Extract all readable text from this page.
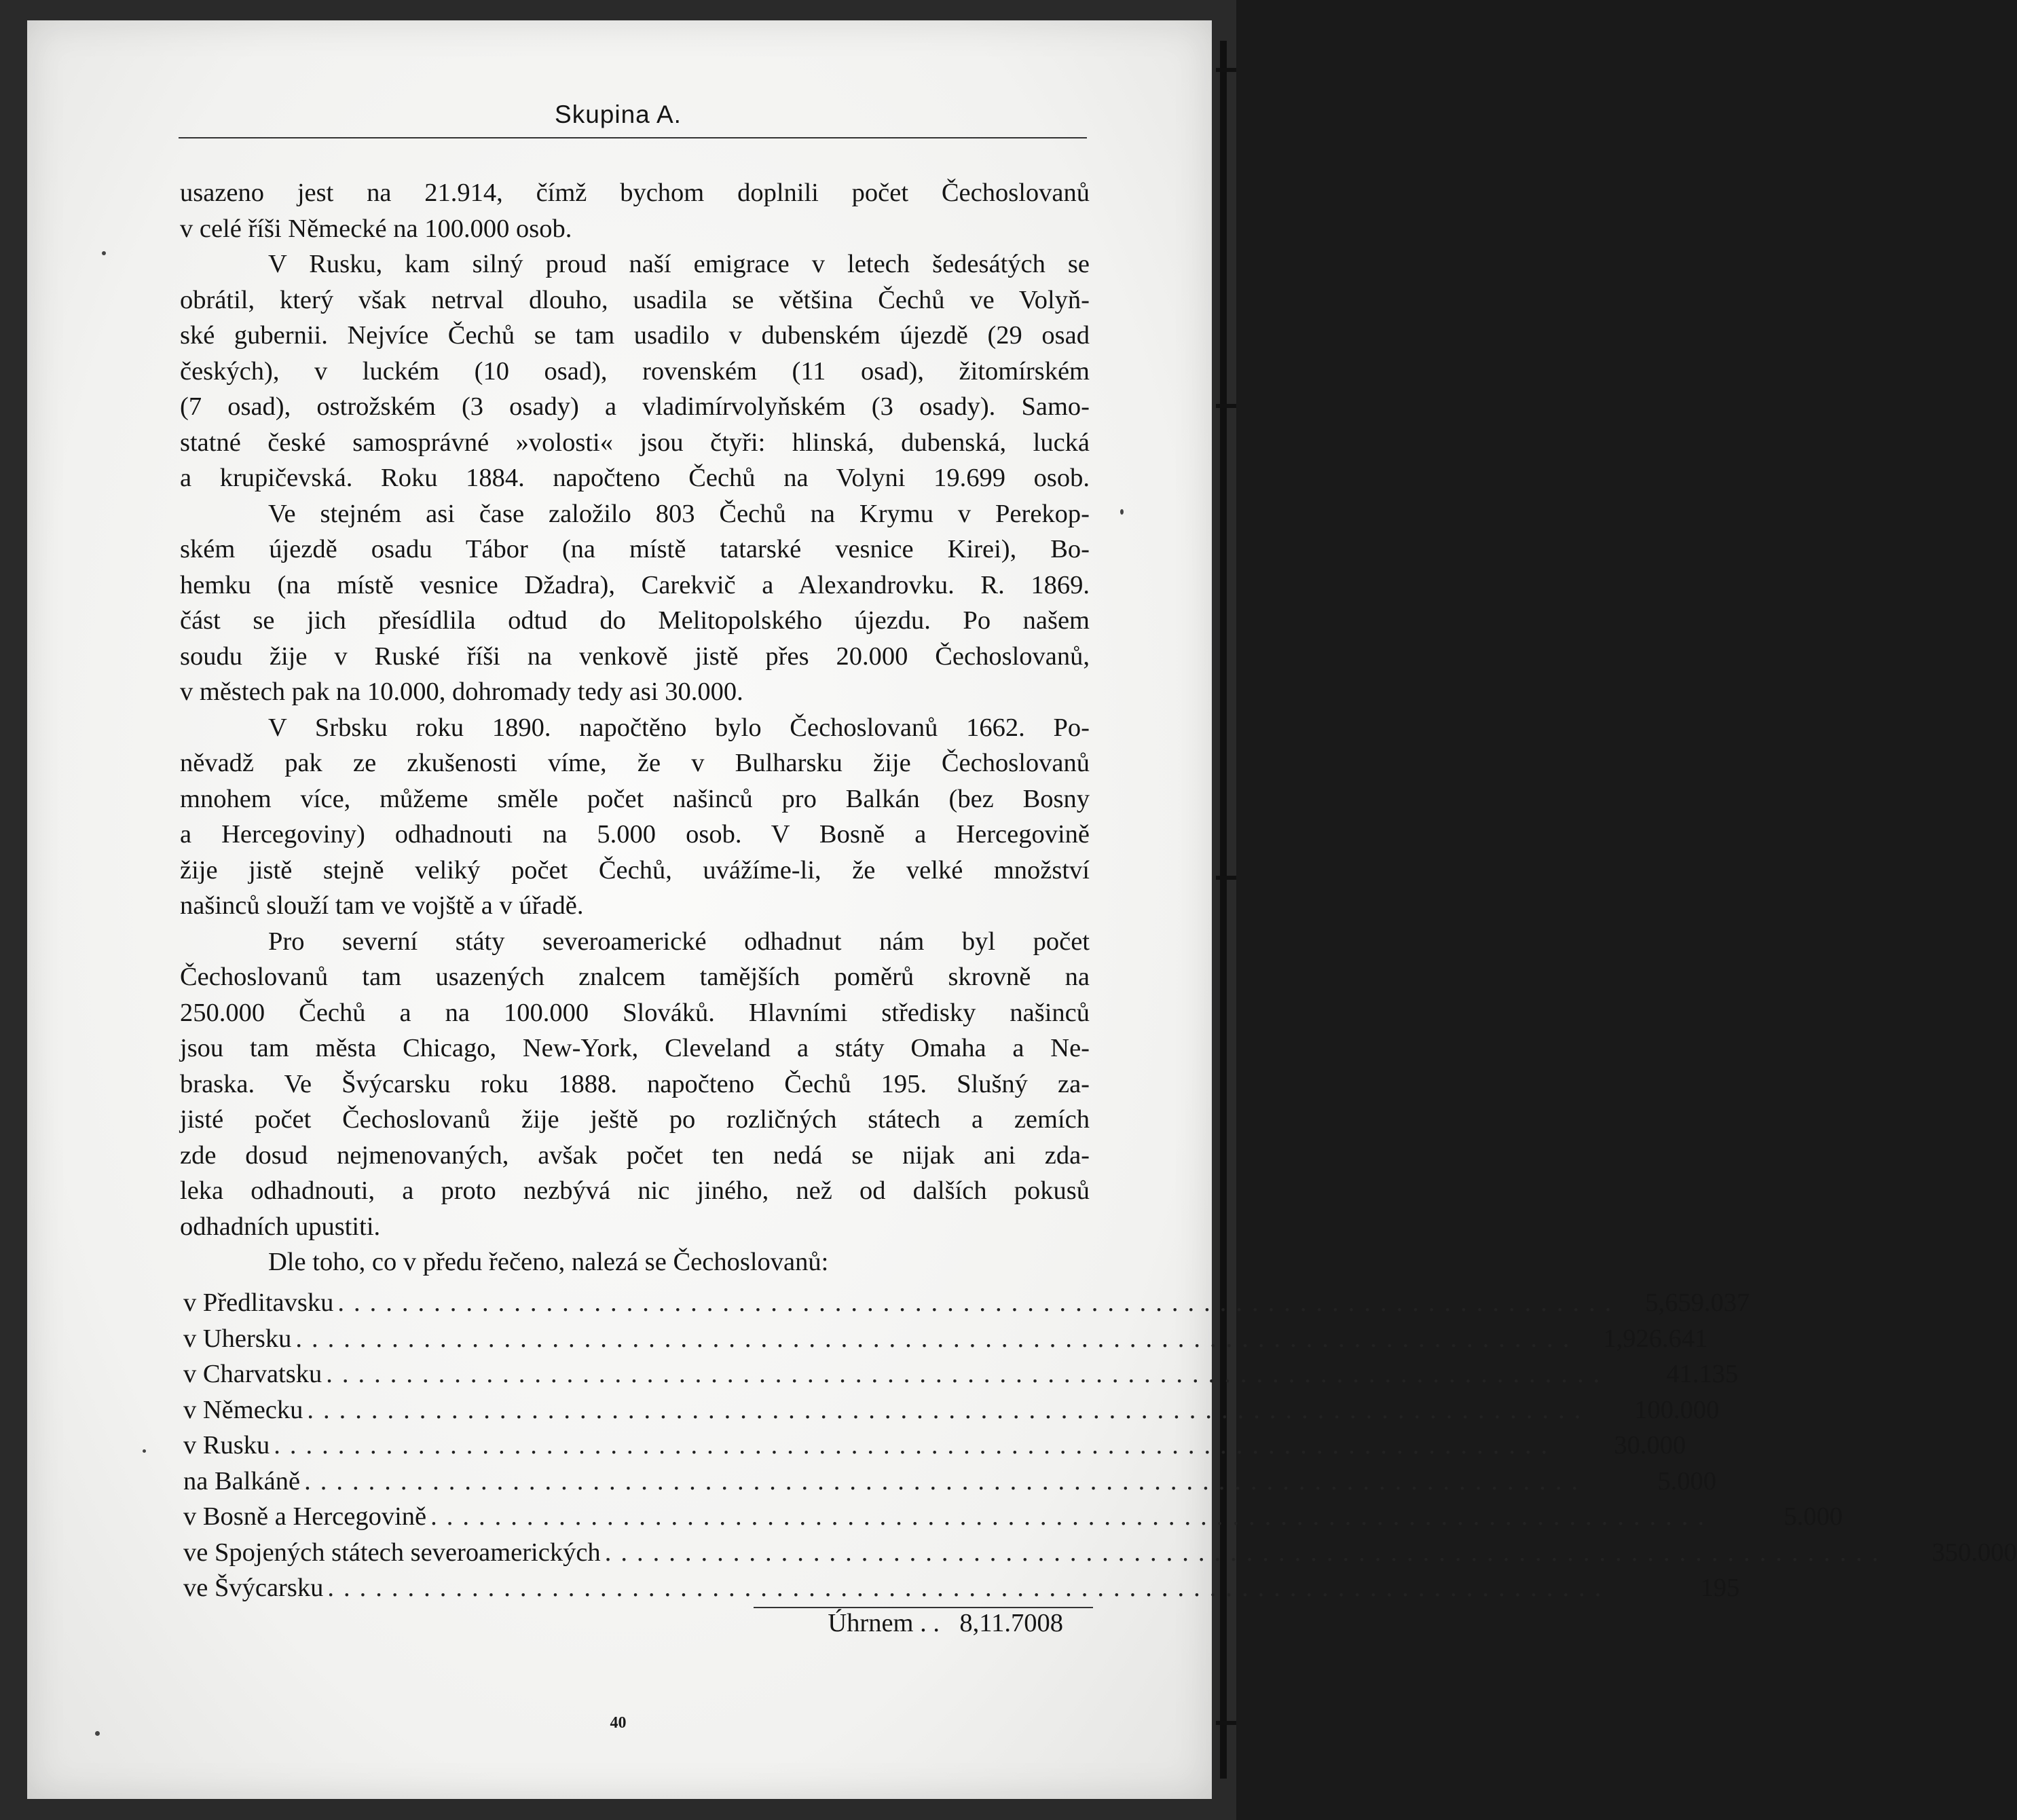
Skupina A.
usazeno jest na 21.914, čímž bychom doplnili počet Čechoslovanů
v celé říši Německé na 100.000 osob.
V Rusku, kam silný proud naší emigrace v letech šedesátých se
obrátil, který však netrval dlouho, usadila se většina Čechů ve Volyň-
ské gubernii. Nejvíce Čechů se tam usadilo v dubenském újezdě (29 osad
českých), v luckém (10 osad), rovenském (11 osad), žitomírském
(7 osad), ostrožském (3 osady) a vladimírvolyňském (3 osady). Samo-
statné české samosprávné »volosti« jsou čtyři: hlinská, dubenská, lucká
a krupičevská. Roku 1884. napočteno Čechů na Volyni 19.699 osob.
Ve stejném asi čase založilo 803 Čechů na Krymu v Perekop-
ském újezdě osadu Tábor (na místě tatarské vesnice Kirei), Bo-
hemku (na místě vesnice Džadra), Carekvič a Alexandrovku. R. 1869.
část se jich přesídlila odtud do Melitopolského újezdu. Po našem
soudu žije v Ruské říši na venkově jistě přes 20.000 Čechoslovanů,
v městech pak na 10.000, dohromady tedy asi 30.000.
V Srbsku roku 1890. napočtěno bylo Čechoslovanů 1662. Po-
něvadž pak ze zkušenosti víme, že v Bulharsku žije Čechoslovanů
mnohem více, můžeme směle počet našinců pro Balkán (bez Bosny
a Hercegoviny) odhadnouti na 5.000 osob. V Bosně a Hercegovině
žije jistě stejně veliký počet Čechů, uvážíme-li, že velké množství
našinců slouží tam ve vojště a v úřadě.
Pro severní státy severoamerické odhadnut nám byl počet
Čechoslovanů tam usazených znalcem tamějších poměrů skrovně na
250.000 Čechů a na 100.000 Slováků. Hlavními středisky našinců
jsou tam města Chicago, New-York, Cleveland a státy Omaha a Ne-
braska. Ve Švýcarsku roku 1888. napočteno Čechů 195. Slušný za-
jisté počet Čechoslovanů žije ještě po rozličných státech a zemích
zde dosud nejmenovaných, avšak počet ten nedá se nijak ani zda-
leka odhadnouti, a proto nezbývá nic jiného, než od dalších pokusů
odhadních upustiti.
Dle toho, co v předu řečeno, nalezá se Čechoslovanů:
v Předlitavsku ................................................................................ 5,659.037
v Uhersku ................................................................................ 1,926.641
v Charvatsku ................................................................................	41.135
v Německu ................................................................................	100.000
v Rusku ................................................................................	30.000
na Balkáně ................................................................................	5.000
v Bosně a Hercegovině ................................................................................	5.000
ve Spojených státech severoamerických ................................................................................	350.000
ve Švýcarsku ................................................................................	195
Úhrnem . . 8,11.7008
40
